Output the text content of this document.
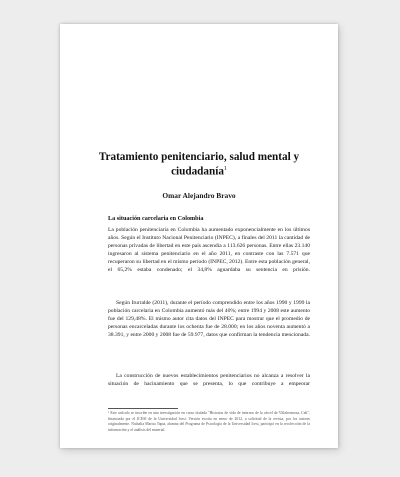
Tratamiento penitenciario, salud mental y ciudadanía$^1$
Omar Alejandro Bravo
La situación carcelaria en Colombia

La población penitenciaria en Colombia ha aumentado exponencialmente en los últimos años. Según el Instituto Nacional Penitenciario (INPEC), a finales del 2011 la cantidad de personas privadas de libertad en este país ascendía a 113.626 personas. Entre ellas 23.140 ingresaron al sistema penitenciario en el año 2011, en contraste con las 7.571 que recuperaron su libertad en el mismo período (INPEC, 2012). Entre esta población general, el 65,2% estaba condenado; el 34,8% aguardaba su sentencia en prisión.

Según Iturralde (2011), durante el período comprendido entre los años 1990 y 1999 la población carcelaria en Colombia aumentó más del 40%; entre 1994 y 2008 este aumento fue del 129,48%. El mismo autor cita datos del INPEC para mostrar que el promedio de personas encarceladas durante los ochenta fue de 28.000; en los años noventa aumentó a 38.391, y entre 2000 y 2008 fue de 59.977, datos que confirman la tendencia mencionada.

La construcción de nuevos establecimientos penitenciarios no alcanza a resolver la situación de hacinamiento que se presenta, lo que contribuye a empeorar

¹ Este artículo se inscribe en una investigación en curso titulada "Historias de vida de internos de la cárcel de Villahermosa, Cali", financiada por el ICESI de la Universidad Icesi. Versión escrita en enero de 2012, a solicitud de la revista, por los autores originalmente. Nathalia Marisa Tapia, alumna del Programa de Psicología de la Universidad Icesi, participó en la recolección de la información y el análisis del material.
